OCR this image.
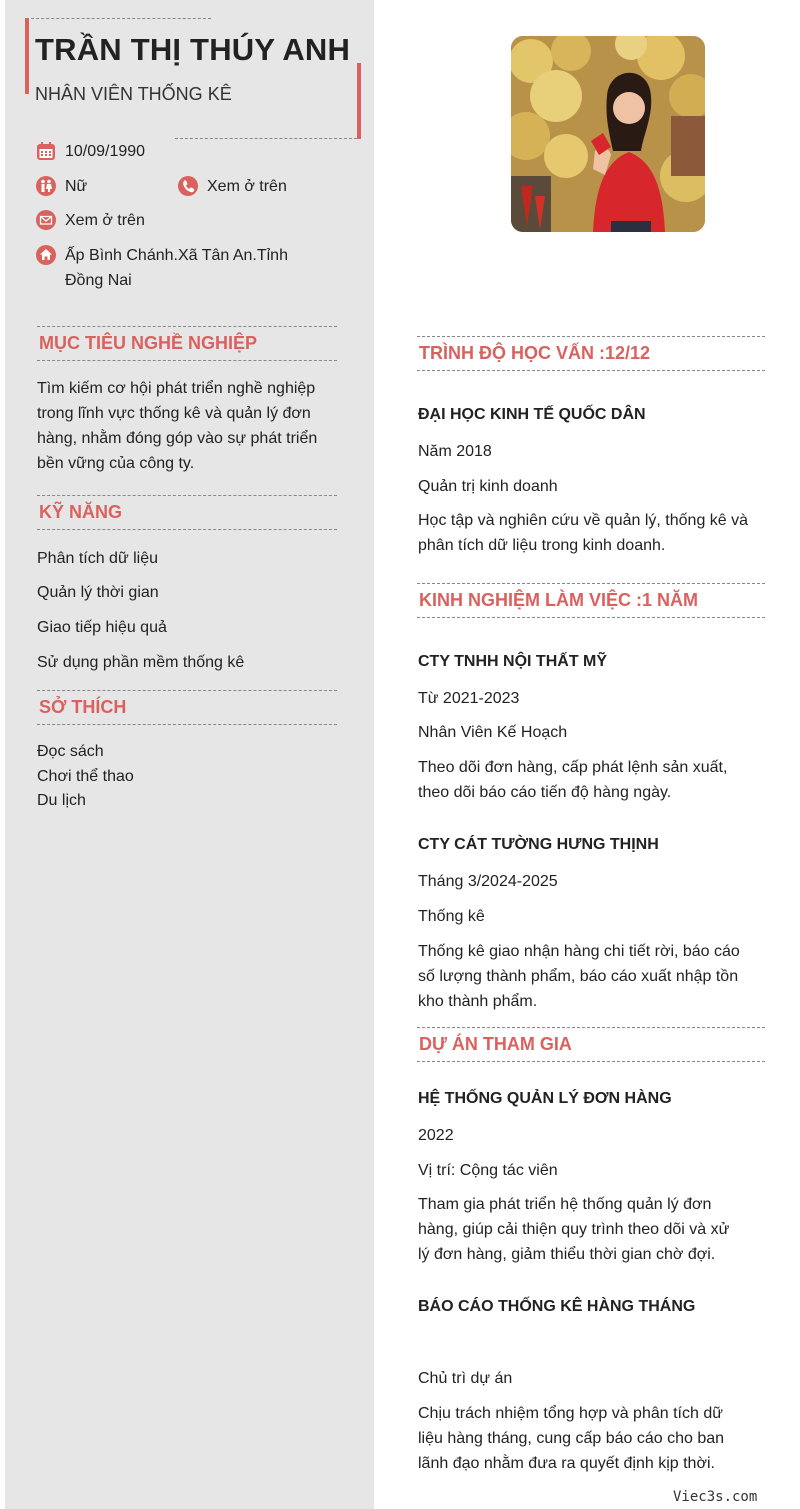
TRẦN THỊ THÚY ANH
NHÂN VIÊN THỐNG KÊ
10/09/1990
Nữ	Xem ở trên
Xem ở trên
Ấp Bình Chánh.Xã Tân An.Tỉnh
Đồng Nai
MỤC TIÊU NGHỀ NGHIỆP
Tìm kiếm cơ hội phát triển nghề nghiệp
trong lĩnh vực thống kê và quản lý đơn
hàng, nhằm đóng góp vào sự phát triển
bền vững của công ty.
KỸ NĂNG
Phân tích dữ liệu
Quản lý thời gian
Giao tiếp hiệu quả
Sử dụng phần mềm thống kê
SỞ THÍCH
Đọc sách
Chơi thể thao
Du lịch
TRÌNH ĐỘ HỌC VẤN :12/12
ĐẠI HỌC KINH TẾ QUỐC DÂN
Năm 2018
Quản trị kinh doanh
Học tập và nghiên cứu về quản lý, thống kê và
phân tích dữ liệu trong kinh doanh.
KINH NGHIỆM LÀM VIỆC :1 NĂM
CTY TNHH NỘI THẤT MỸ
Từ 2021-2023
Nhân Viên Kế Hoạch
Theo dõi đơn hàng, cấp phát lệnh sản xuất,
theo dõi báo cáo tiến độ hàng ngày.
CTY CÁT TƯỜNG HƯNG THỊNH
Tháng 3/2024-2025
Thống kê
Thống kê giao nhận hàng chi tiết rời, báo cáo
số lượng thành phẩm, báo cáo xuất nhập tồn
kho thành phẩm.
DỰ ÁN THAM GIA
HỆ THỐNG QUẢN LÝ ĐƠN HÀNG
2022
Vị trí: Cộng tác viên
Tham gia phát triển hệ thống quản lý đơn
hàng, giúp cải thiện quy trình theo dõi và xử
lý đơn hàng, giảm thiểu thời gian chờ đợi.
BÁO CÁO THỐNG KÊ HÀNG THÁNG
Chủ trì dự án
Chịu trách nhiệm tổng hợp và phân tích dữ
liệu hàng tháng, cung cấp báo cáo cho ban
lãnh đạo nhằm đưa ra quyết định kịp thời.
Viec3s.com
